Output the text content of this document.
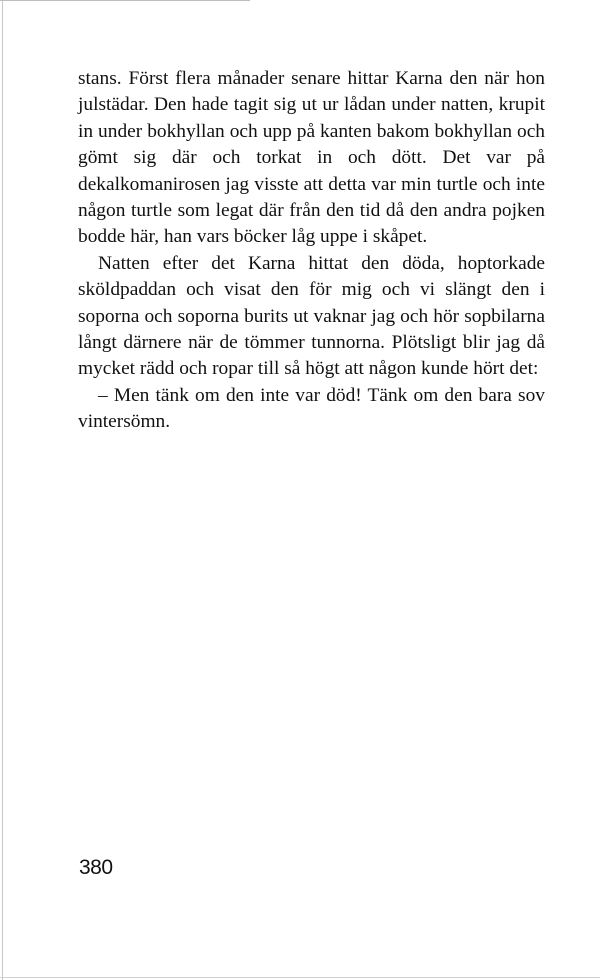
stans. Först flera månader senare hittar Karna den när hon julstädar. Den hade tagit sig ut ur lådan under natten, krupit in under bokhyllan och upp på kanten bakom bokhyllan och gömt sig där och torkat in och dött. Det var på dekalkomanirosen jag visste att detta var min turtle och inte någon turtle som legat där från den tid då den andra pojken bodde här, han vars böcker låg uppe i skåpet.

Natten efter det Karna hittat den döda, hoptorkade sköldpaddan och visat den för mig och vi slängt den i soporna och soporna burits ut vaknar jag och hör sopbilarna långt därnere när de tömmer tunnorna. Plötsligt blir jag då mycket rädd och ropar till så högt att någon kunde hört det:

– Men tänk om den inte var död! Tänk om den bara sov vintersömn.

380
